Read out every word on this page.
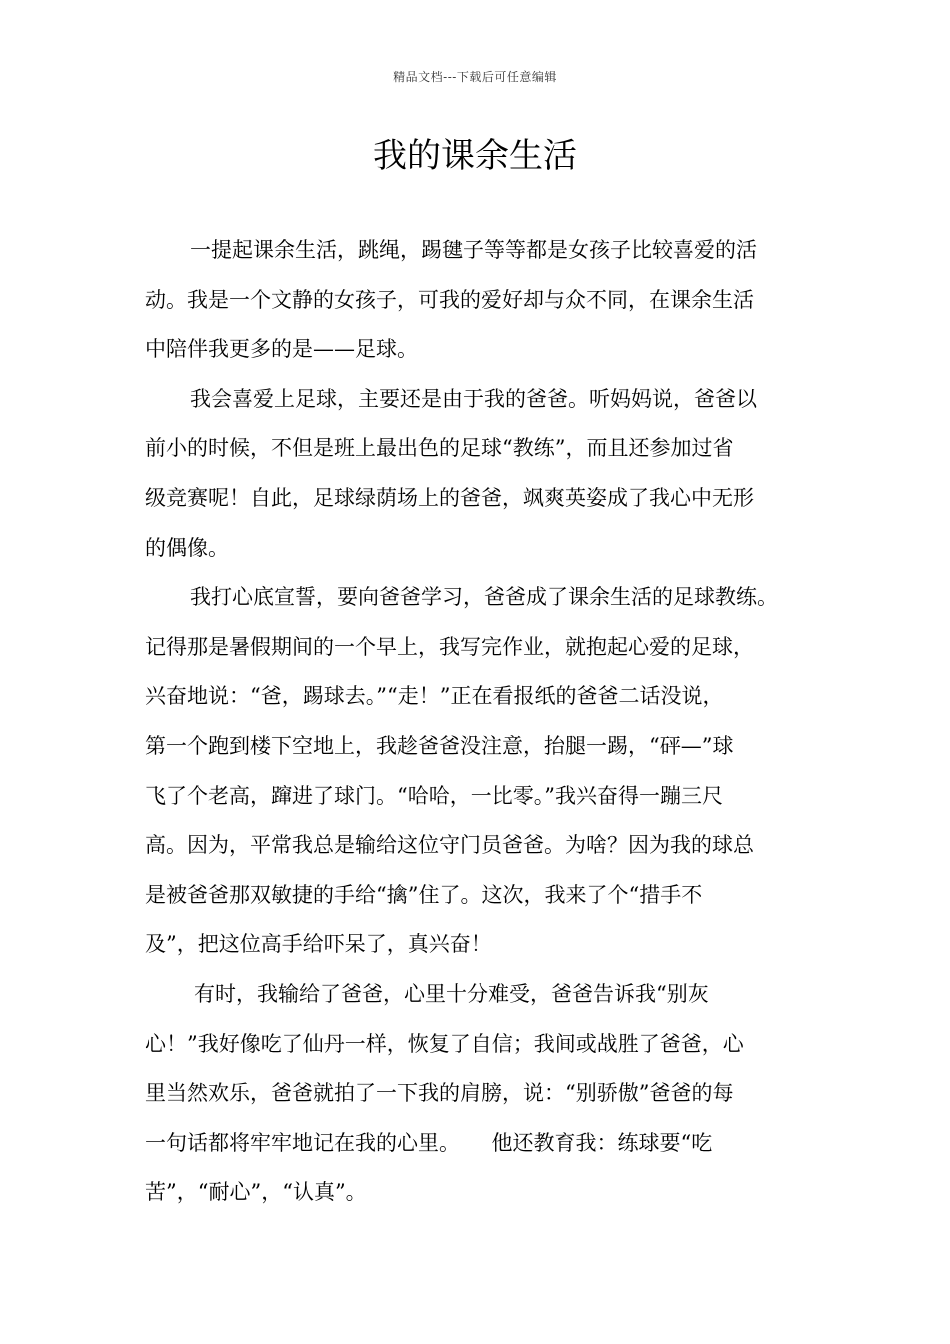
精品文档---下载后可任意编辑
我的课余生活
一提起课余生活，跳绳，踢毽子等等都是女孩子比较喜爱的活
动。我是一个文静的女孩子，可我的爱好却与众不同，在课余生活
中陪伴我更多的是——足球。
我会喜爱上足球，主要还是由于我的爸爸。听妈妈说，爸爸以
前小的时候，不但是班上最出色的足球“教练”，而且还参加过省
级竞赛呢！自此，足球绿荫场上的爸爸，飒爽英姿成了我心中无形
的偶像。
我打心底宣誓，要向爸爸学习，爸爸成了课余生活的足球教练。
记得那是暑假期间的一个早上，我写完作业，就抱起心爱的足球，
兴奋地说：“爸，踢球去。”“走！”正在看报纸的爸爸二话没说，
第一个跑到楼下空地上，我趁爸爸没注意，抬腿一踢，“砰—”球
飞了个老高，蹿进了球门。“哈哈，一比零。”我兴奋得一蹦三尺
高。因为，平常我总是输给这位守门员爸爸。为啥？因为我的球总
是被爸爸那双敏捷的手给“擒”住了。这次，我来了个“措手不
及”，把这位高手给吓呆了，真兴奋！
有时，我输给了爸爸，心里十分难受，爸爸告诉我“别灰
心！”我好像吃了仙丹一样，恢复了自信；我间或战胜了爸爸，心
里当然欢乐，爸爸就拍了一下我的肩膀，说：“别骄傲”爸爸的每
一句话都将牢牢地记在我的心里。　　他还教育我：练球要“吃
苦”，“耐心”，“认真”。
